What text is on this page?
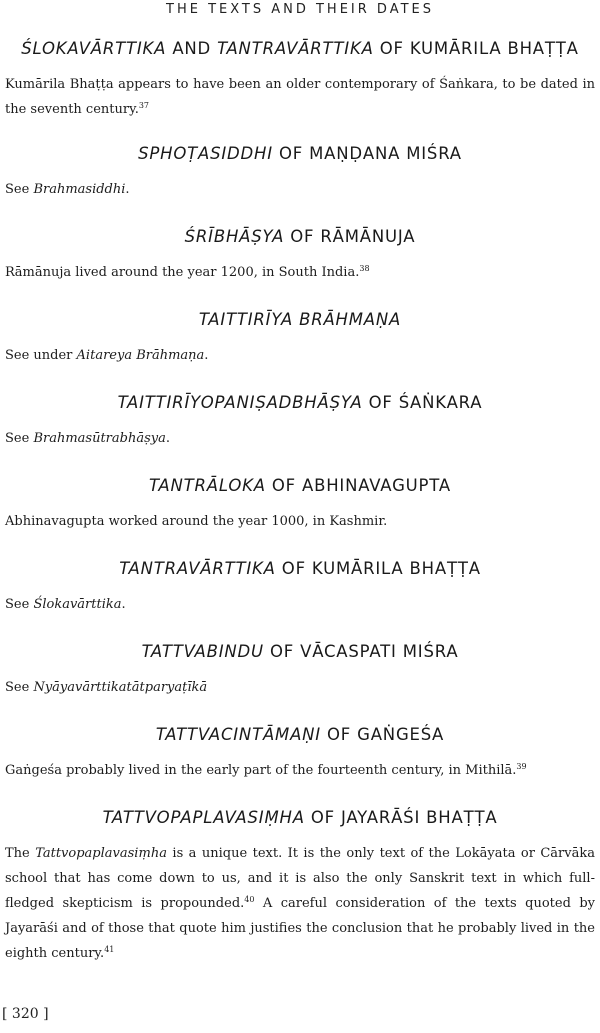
THE TEXTS AND THEIR DATES
ŚLOKAVĀRTTIKA AND TANTRAVĀRTTIKA OF KUMĀRILA BHAṬṬA

Kumārila Bhaṭṭa appears to have been an older contemporary of Śaṅkara, to be dated in the seventh century.$^{37}$

SPHOṬASIDDHI OF MAṆḌANA MIŚRA

See Brahmasiddhi.

ŚRĪBHĀṢYA OF RĀMĀNUJA

Rāmānuja lived around the year 1200, in South India.$^{38}$

TAITTIRĪYA BRĀHMAṆA

See under Aitareya Brāhmaṇa.

TAITTIRĪYOPANIṢADBHĀṢYA OF ŚAṄKARA

See Brahmasūtrabhāṣya.

TANTRĀLOKA OF ABHINAVAGUPTA

Abhinavagupta worked around the year 1000, in Kashmir.

TANTRAVĀRTTIKA OF KUMĀRILA BHAṬṬA

See Ślokavārttika.

TATTVABINDU OF VĀCASPATI MIŚRA

See Nyāyavārttikatātparyaṭīkā

TATTVACINTĀMAṆI OF GAṄGEŚA

Gaṅgeśa probably lived in the early part of the fourteenth century, in Mithilā.$^{39}$

TATTVOPAPLAVASIṂHA OF JAYARĀŚI BHAṬṬA

The Tattvopaplavasiṃha is a unique text. It is the only text of the Lokāyata or Cārvāka school that has come down to us, and it is also the only Sanskrit text in which full-fledged skepticism is propounded.$^{40}$ A careful consideration of the texts quoted by Jayarāśi and of those that quote him justifies the conclusion that he probably lived in the eighth century.$^{41}$

[ 320 ]
